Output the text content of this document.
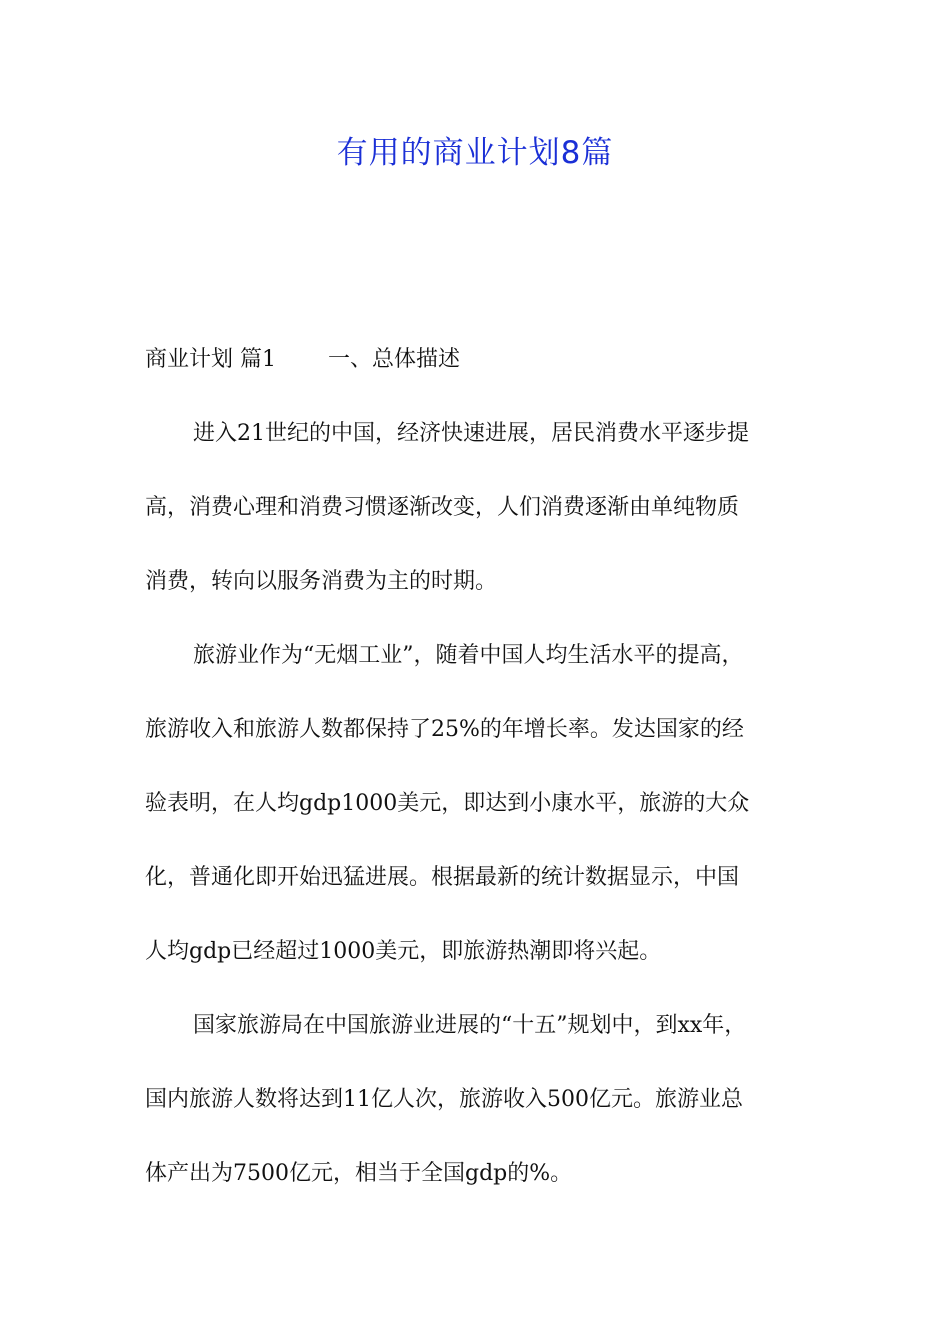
有用的商业计划8篇
商业计划 篇1 一、总体描述
进入21世纪的中国，经济快速进展，居民消费水平逐步提
高，消费心理和消费习惯逐渐改变，人们消费逐渐由单纯物质
消费，转向以服务消费为主的时期。
旅游业作为“无烟工业”，随着中国人均生活水平的提高，
旅游收入和旅游人数都保持了25%的年增长率。发达国家的经
验表明，在人均gdp1000美元，即达到小康水平，旅游的大众
化，普通化即开始迅猛进展。根据最新的统计数据显示，中国
人均gdp已经超过1000美元，即旅游热潮即将兴起。
国家旅游局在中国旅游业进展的“十五”规划中，到xx年，
国内旅游人数将达到11亿人次，旅游收入500亿元。旅游业总
体产出为7500亿元，相当于全国gdp的%。
